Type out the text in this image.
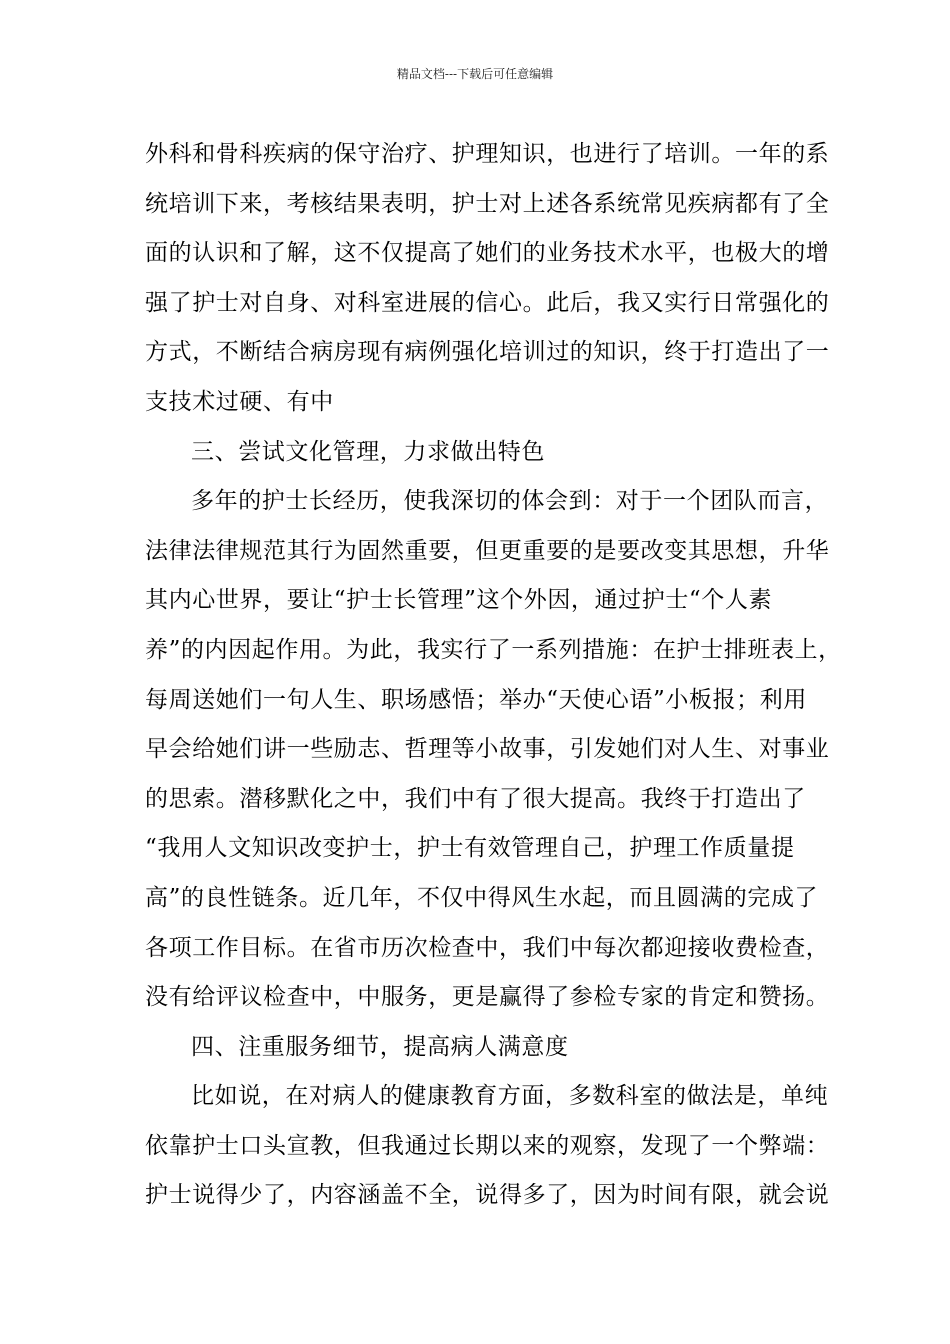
精品文档---下载后可任意编辑
外科和骨科疾病的保守治疗、护理知识，也进行了培训。一年的系
统培训下来，考核结果表明，护士对上述各系统常见疾病都有了全
面的认识和了解，这不仅提高了她们的业务技术水平，也极大的增
强了护士对自身、对科室进展的信心。此后，我又实行日常强化的
方式，不断结合病房现有病例强化培训过的知识，终于打造出了一
支技术过硬、有中
三、尝试文化管理，力求做出特色
多年的护士长经历，使我深切的体会到：对于一个团队而言，
法律法律规范其行为固然重要，但更重要的是要改变其思想，升华
其内心世界，要让“护士长管理”这个外因，通过护士“个人素
养”的内因起作用。为此，我实行了一系列措施：在护士排班表上，
每周送她们一句人生、职场感悟；举办“天使心语”小板报；利用
早会给她们讲一些励志、哲理等小故事，引发她们对人生、对事业
的思索。潜移默化之中，我们中有了很大提高。我终于打造出了
“我用人文知识改变护士，护士有效管理自己，护理工作质量提
高”的良性链条。近几年，不仅中得风生水起，而且圆满的完成了
各项工作目标。在省市历次检查中，我们中每次都迎接收费检查，
没有给评议检查中，中服务，更是赢得了参检专家的肯定和赞扬。
四、注重服务细节，提高病人满意度
比如说，在对病人的健康教育方面，多数科室的做法是，单纯
依靠护士口头宣教，但我通过长期以来的观察，发现了一个弊端：
护士说得少了，内容涵盖不全，说得多了，因为时间有限，就会说
